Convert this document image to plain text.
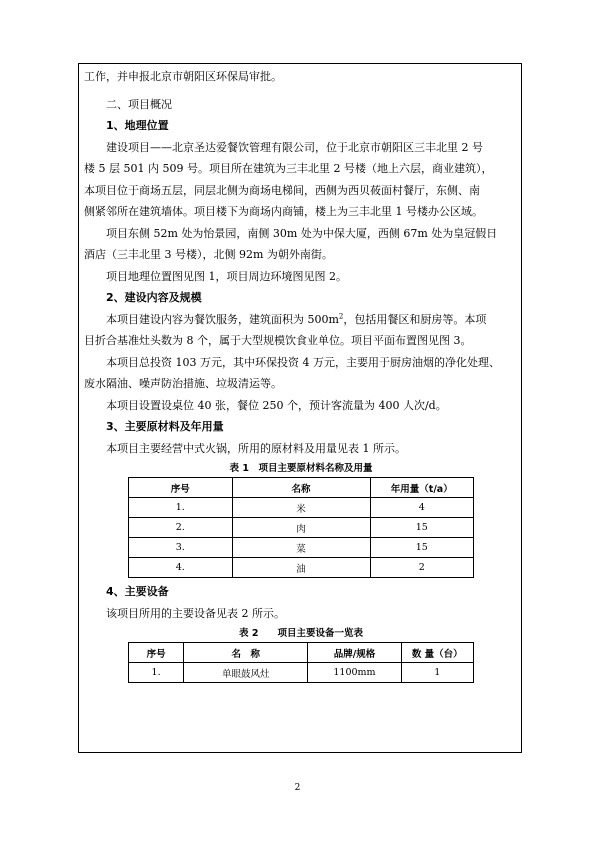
工作，并申报北京市朝阳区环保局审批。

二、项目概况

1、地理位置

建设项目——北京圣达爱餐饮管理有限公司，位于北京市朝阳区三丰北里 2 号

楼 5 层 501 内 509 号。项目所在建筑为三丰北里 2 号楼（地上六层，商业建筑），

本项目位于商场五层，同层北侧为商场电梯间，西侧为西贝莜面村餐厅，东侧、南

侧紧邻所在建筑墙体。项目楼下为商场内商铺，楼上为三丰北里 1 号楼办公区域。

项目东侧 52m 处为怡景园，南侧 30m 处为中保大厦，西侧 67m 处为皇冠假日

酒店（三丰北里 3 号楼），北侧 92m 为朝外南街。

项目地理位置图见图 1，项目周边环境图见图 2。

2、建设内容及规模

本项目建设内容为餐饮服务，建筑面积为 $500m^2$，包括用餐区和厨房等。本项

目折合基准灶头数为 8 个，属于大型规模饮食业单位。项目平面布置图见图 3。

本项目总投资 103 万元，其中环保投资 4 万元，主要用于厨房油烟的净化处理、

废水隔油、噪声防治措施、垃圾清运等。

本项目设置设桌位 40 张，餐位 250 个，预计客流量为 400 人次/d。

3、主要原材料及年用量

本项目主要经营中式火锅，所用的原材料及用量见表 1 所示。

表 1　项目主要原材料名称及用量

序号	名称	年用量（t/a）
1.	米	4
2.	肉	15
3.	菜	15
4.	油	2

4、主要设备

该项目所用的主要设备见表 2 所示。

表 2　　项目主要设备一览表

序号	名　称	品牌/规格	数 量（台）
1.	单眼鼓风灶	1100mm	1
2
